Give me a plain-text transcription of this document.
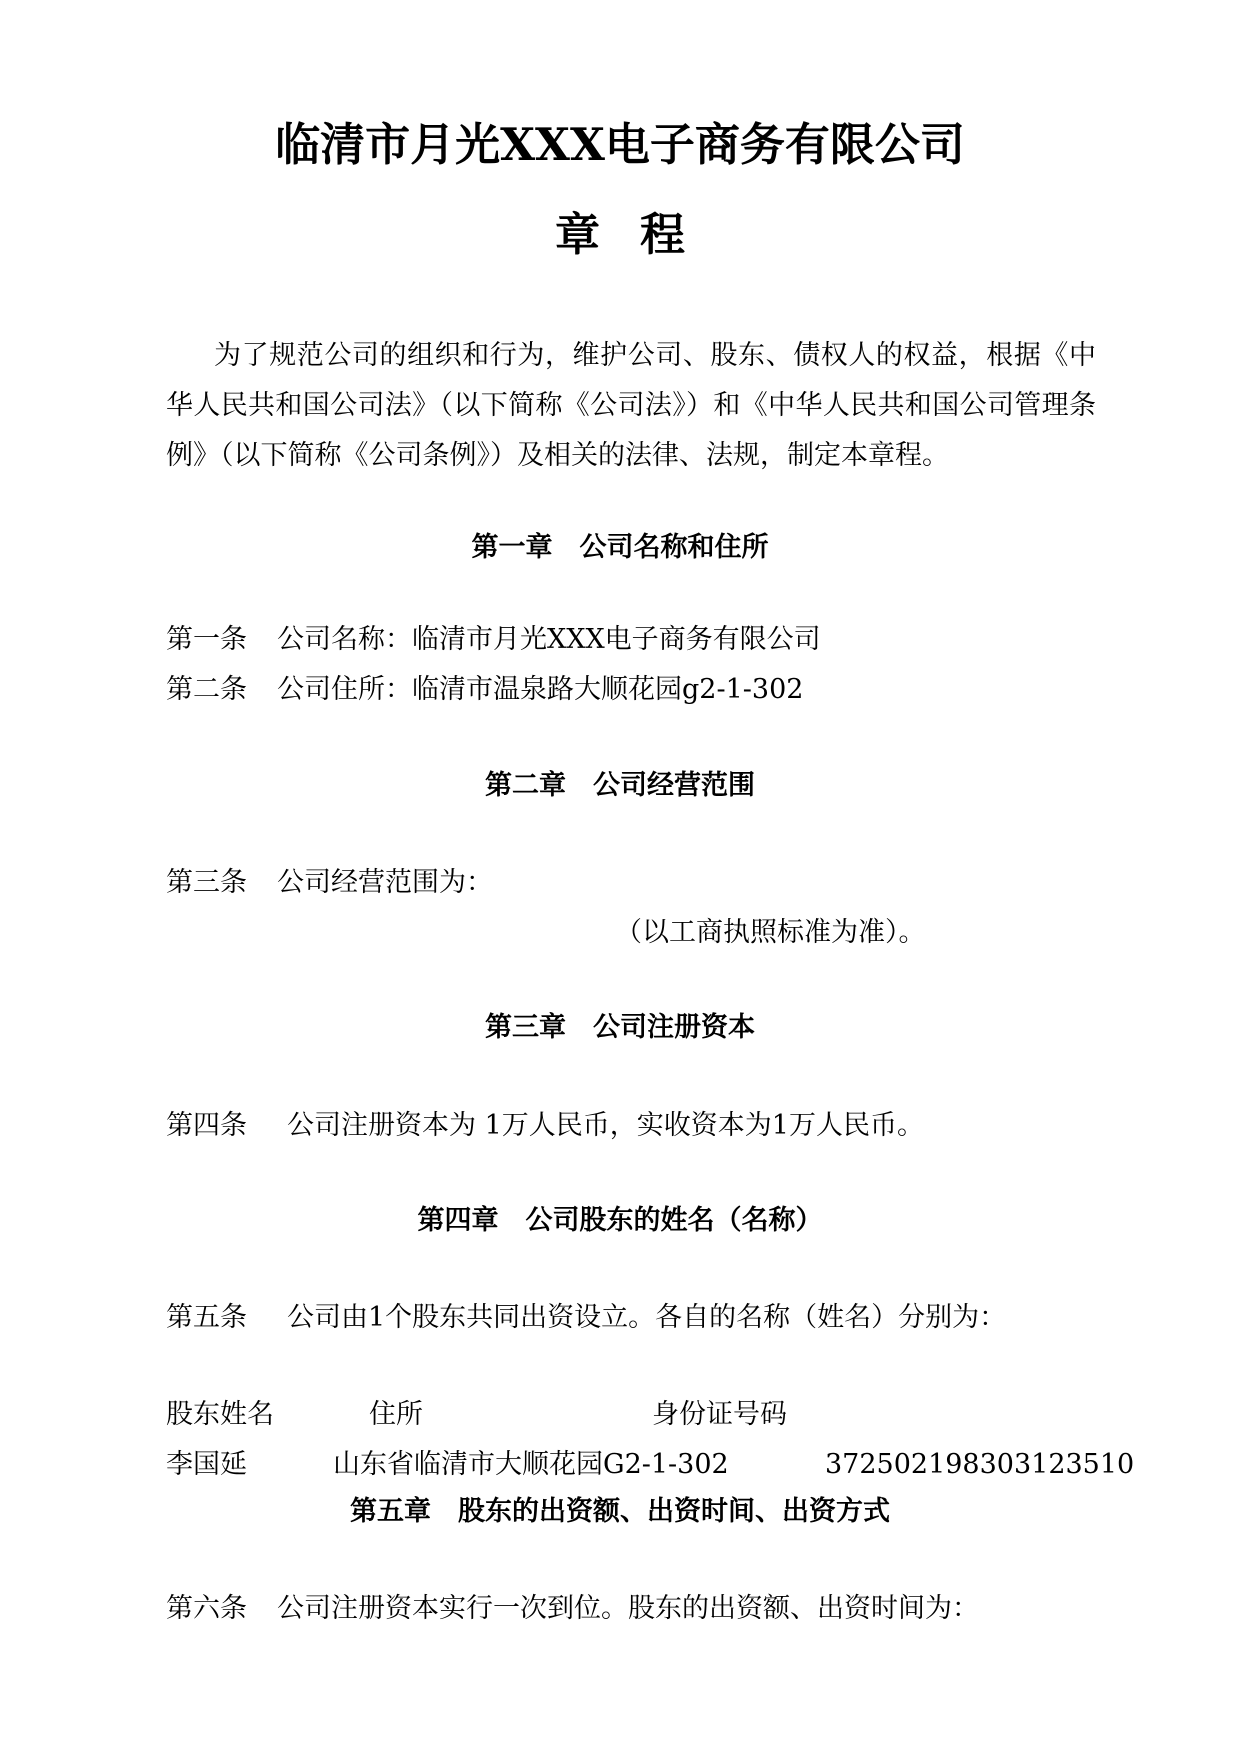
临清市月光XXX电子商务有限公司
章程
为了规范公司的组织和行为，维护公司、股东、债权人的权益，根据《中华人民共和国公司法》（以下简称《公司法》）和《中华人民共和国公司管理条例》（以下简称《公司条例》）及相关的法律、法规，制定本章程。
第一章　公司名称和住所
第一条 公司名称：临清市月光XXX电子商务有限公司
第二条 公司住所：临清市温泉路大顺花园g2-1-302
第二章　公司经营范围
第三条 公司经营范围为：
（以工商执照标准为准）。
第三章　公司注册资本
第四条 公司注册资本为 1万人民币，实收资本为1万人民币。
第四章　公司股东的姓名（名称）
第五条 公司由1个股东共同出资设立。各自的名称（姓名）分别为：
股东姓名	住所	身份证号码
李国延	山东省临清市大顺花园G2-1-302	372502198303123510
第五章　股东的出资额、出资时间、出资方式
第六条 公司注册资本实行一次到位。股东的出资额、出资时间为：
